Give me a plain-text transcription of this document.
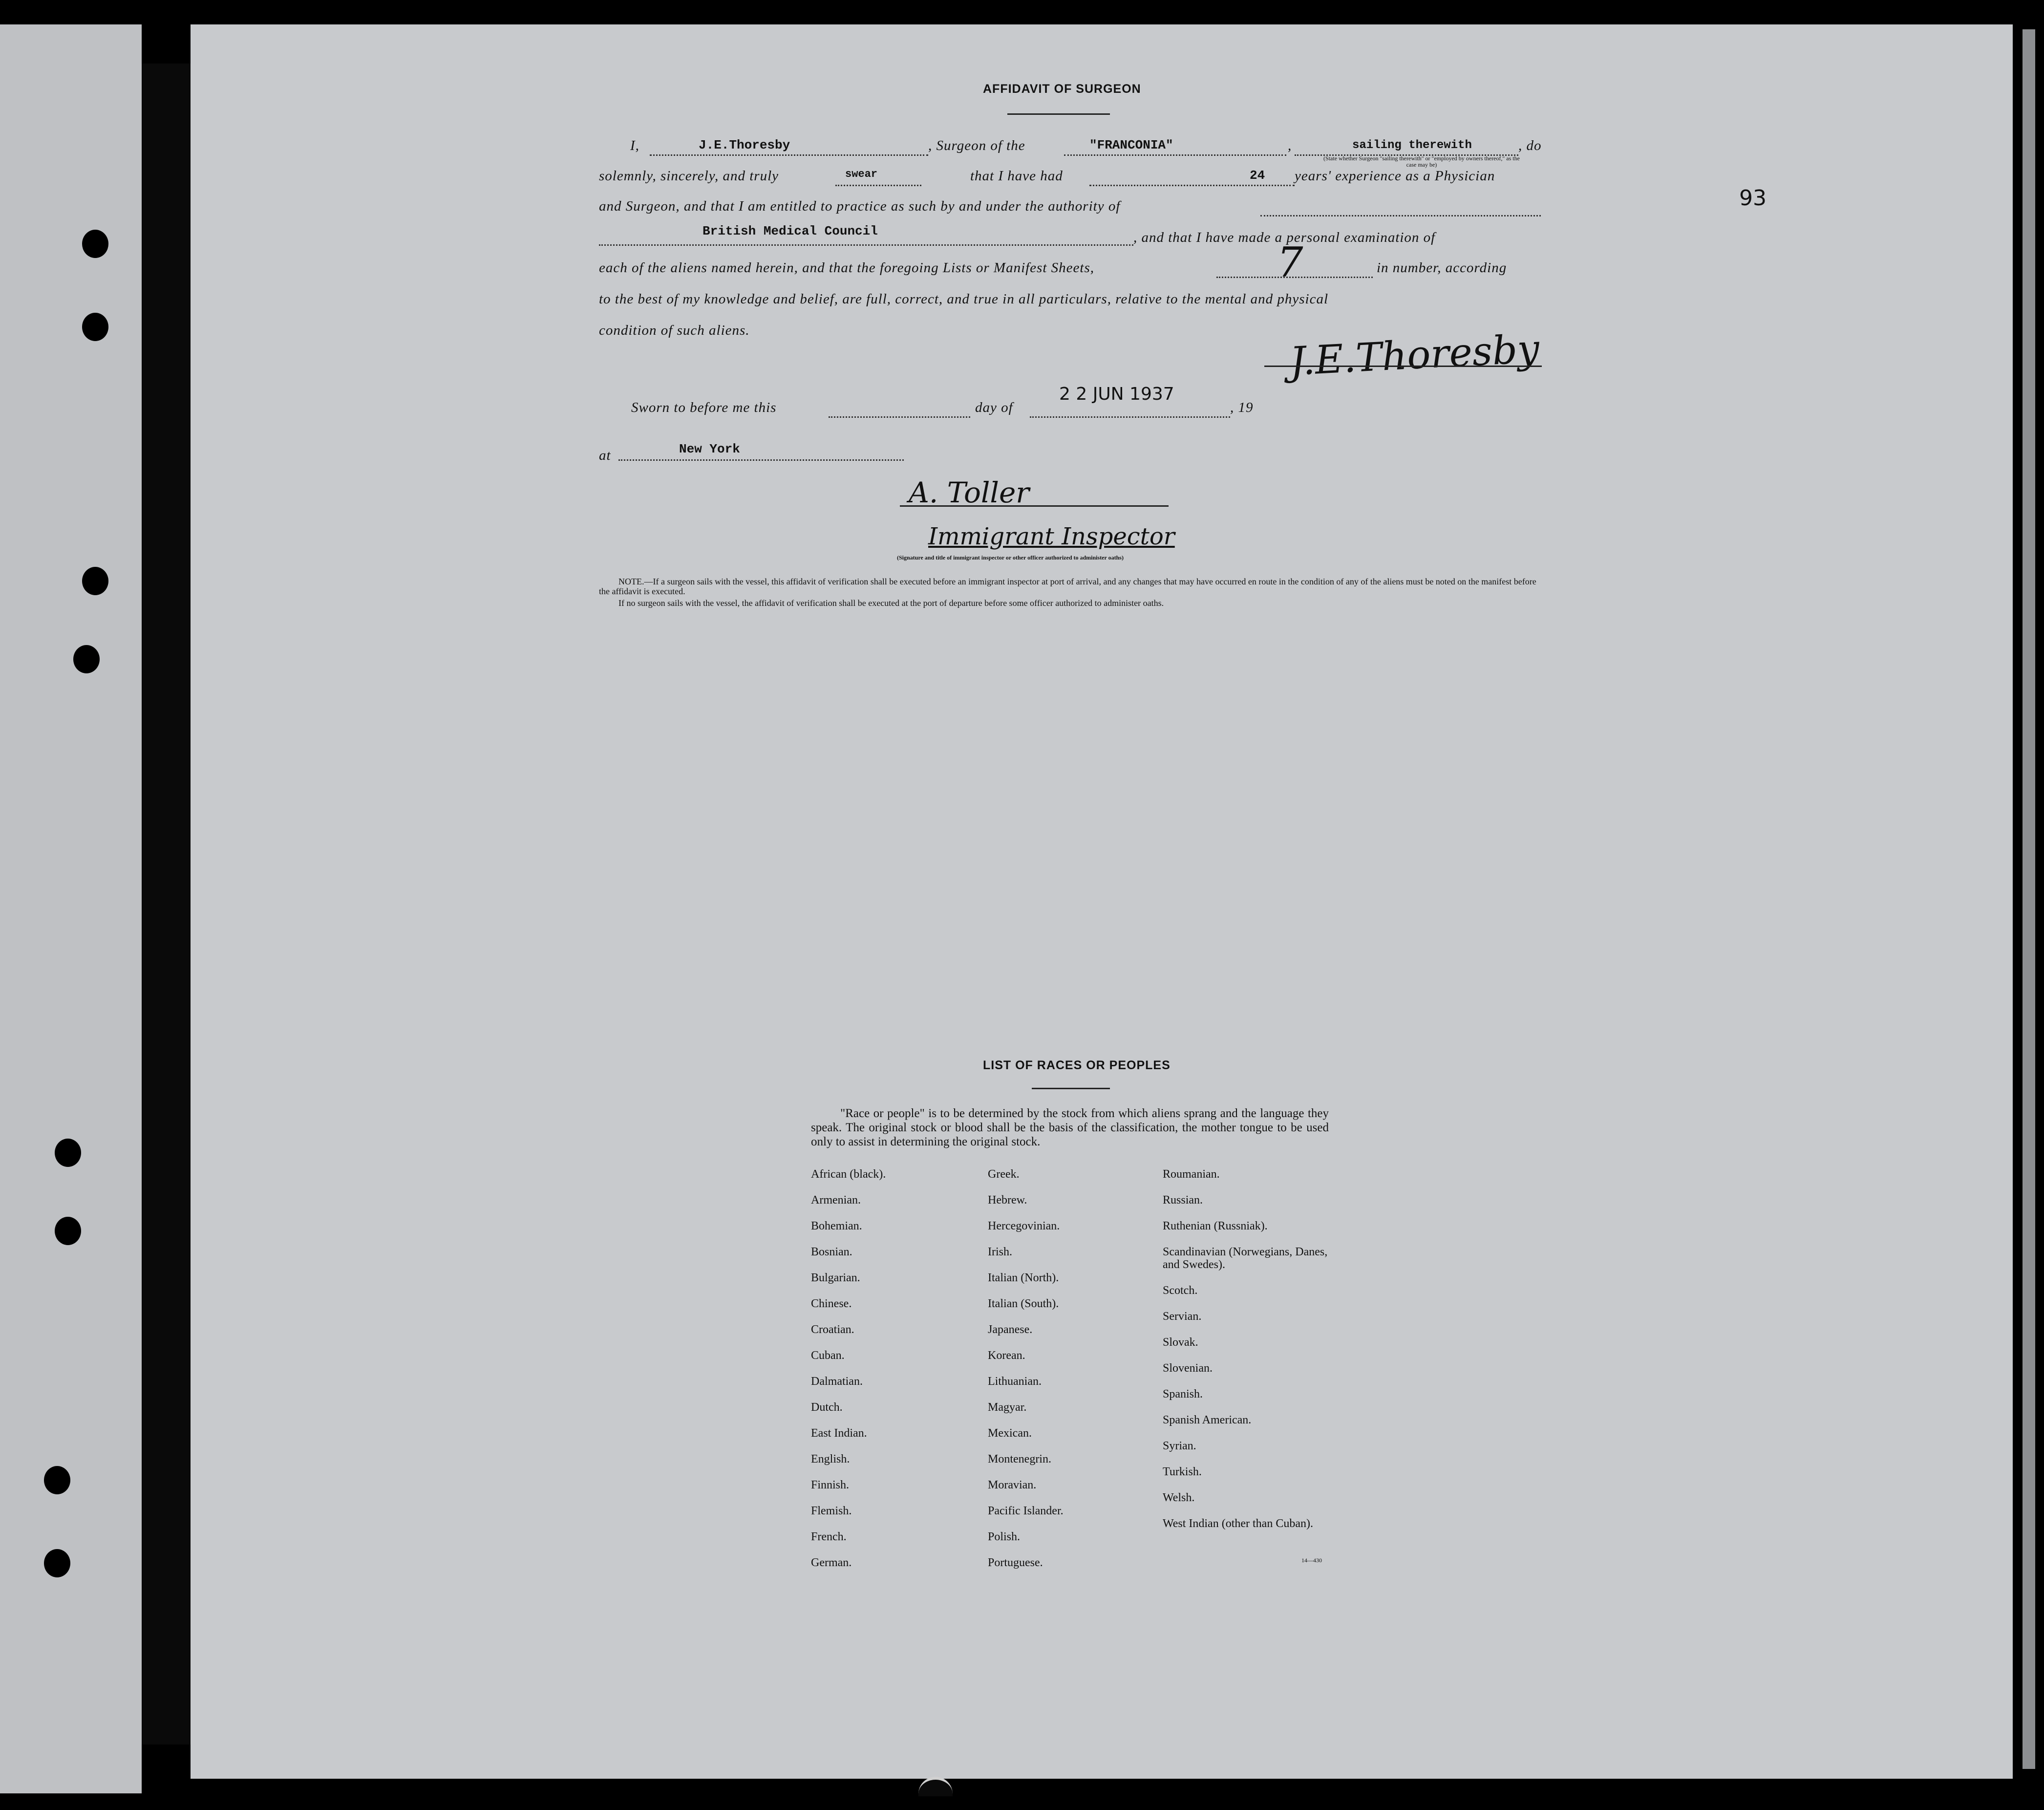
93
AFFIDAVIT OF SURGEON
I,	J.E.Thoresby	, Surgeon of the	"FRANCONIA"	,	sailing therewith	, do
(State whether Surgeon "sailing therewith" or "employed by owners thereof," as the case may be)
solemnly, sincerely, and truly	swear	that I have had	24 years' experience as a Physician
and Surgeon, and that I am entitled to practice as such by and under the authority of
British Medical Council	, and that I have made a personal examination of
each of the aliens named herein, and that the foregoing Lists or Manifest Sheets,	7	in number, according
to the best of my knowledge and belief, are full, correct, and true in all particulars, relative to the mental and physical
condition of such aliens.	J.E.Thoresby
Sworn to before me this	day of
2 2 JUN 1937
, 19
at	New York
A. Toller
Immigrant Inspector
(Signature and title of immigrant inspector or other officer authorized to administer oaths)
NOTE.—If a surgeon sails with the vessel, this affidavit of verification shall be executed before an immigrant inspector at port of arrival, and any changes that may have occurred en route in the condition of any of the aliens must be noted on the manifest before the affidavit is executed.
If no surgeon sails with the vessel, the affidavit of verification shall be executed at the port of departure before some officer authorized to administer oaths.
LIST OF RACES OR PEOPLES
"Race or people" is to be determined by the stock from which aliens sprang and the language they speak. The original stock or blood shall be the basis of the classification, the mother tongue to be used only to assist in determining the original stock.
African (black).
Armenian.
Bohemian.
Bosnian.
Bulgarian.
Chinese.
Croatian.
Cuban.
Dalmatian.
Dutch.
East Indian.
English.
Finnish.
Flemish.
French.
German.
Greek.
Hebrew.
Hercegovinian.
Irish.
Italian (North).
Italian (South).
Japanese.
Korean.
Lithuanian.
Magyar.
Mexican.
Montenegrin.
Moravian.
Pacific Islander.
Polish.
Portuguese.
Roumanian.
Russian.
Ruthenian (Russniak).
Scandinavian (Norwegians, Danes, and Swedes).
Scotch.
Servian.
Slovak.
Slovenian.
Spanish.
Spanish American.
Syrian.
Turkish.
Welsh.
West Indian (other than Cuban).
14—430
